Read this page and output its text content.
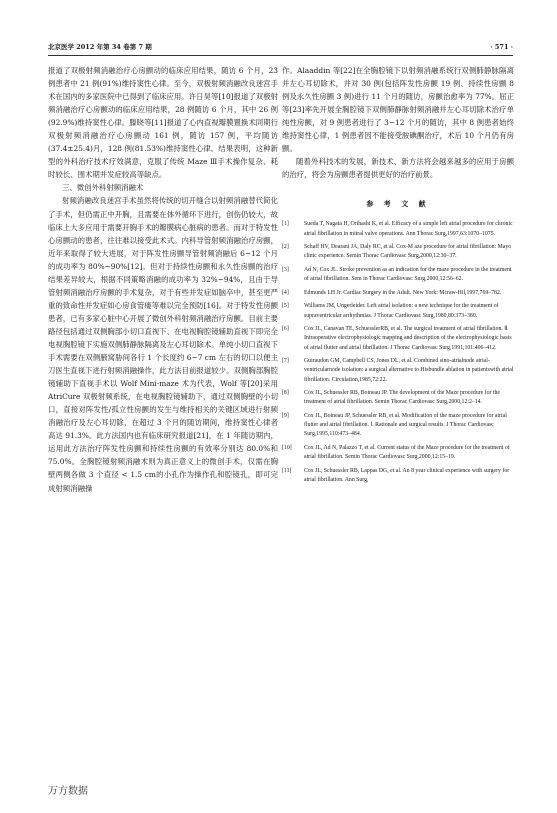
北京医学 2012 年第 34 卷第 7 期	· 571 ·

报道了双极射频消融治疗心房颤动的临床应用结果，随访 6 个月，23 例患者中 21 例(91%)维持窦性心律。至今，双极射频消融改良迷宫手术在国内的多家医院中已得到了临床应用。许日昊等[10]报道了双极射频消融治疗心房颤动的临床应用结果，28 例随访 6 个月，其中 26 例(92.9%)维持窦性心律。滕晓等[11]报道了心内直视瓣膜置换术同期行双极射频消融治疗心房颤动 161 例，随访 157 例，平均随访(37.4±25.4)月，128 例(81.53%)维持窦性心律。结果表明，这种新型的外科治疗技术疗效满意，克服了传统 Maze Ⅲ手术操作复杂、耗时较长、围术期并发症较高等缺点。

三、微创外科射频消融术

射频消融改良迷宫手术虽然将传统的切开缝合以射频消融替代简化了手术，但仍需正中开胸，且需要在体外循环下进行，创伤仍较大，故临床上大多应用于需要开胸手术的瓣膜病心脏病的患者。而对于特发性心房颤动的患者，往往难以接受此术式。内科导管射频消融治疗房颤，近年来取得了较大进展，对于阵发性房颤导管射频消融后 6~12 个月的成功率为 80%~90%[12]。但对于持续性房颤和永久性房颤的治疗结果差异较大，根据不同策略消融的成功率为 32%~94%，且由于导管射频消融治疗房颤的手术复杂，对于有些并发症如脑卒中，甚至更严重的致命性并发症如心房食管瘘等难以完全预防[16]。对于特发性房颤患者，已有多家心脏中心开展了微创外科射频消融治疗房颤。目前主要路径包括通过双侧胸部小切口直视下、在电视胸腔镜辅助直视下即完全电视胸腔镜下实施双侧肺静脉隔离及左心耳切除术。单纯小切口直视下手术需要在双侧腋窝胁间各行 1 个长度约 6~7 cm 左右的切口以便主刀医生直视下进行射频消融操作，此方法目前报道较少。双侧胸部胸腔镜辅助下直视手术以 Wolf Mini-maze 术为代表，Wolf 等[20]采用 AtriCure 双极射频系统，在电视胸腔镜辅助下，通过双侧胸壁的小切口，直接对阵发性/孤立性房颤的发生与维持相关的关键区域进行射频消融治疗及左心耳切除，在超过 3 个月的随访期间，维持窦性心律者高达 91.3%。此方法国内也有临床研究报道[21]，在 1 年随访期内，运用此方法治疗阵发性房颤和持续性房颤的有效率分别达 80.0%和 75.0%。全胸腔镜射频消融术则为真正意义上的微创手术，仅需在胸壁两侧各做 3 个直径 < 1.5 cm的小孔作为操作孔和腔镜孔，即可完成射频消融操

作。Alaaddin 等[22]在全胸腔镜下以射频消融系统行双侧肺静脉隔离并左心耳切除术，并对 30 例(包括阵发性房颤 19 例、持续性房颤 8 例及永久性房颤 3 例)进行 11 个月的随访，房颤治愈率为 77%。屈正等[23]率先开展全胸腔镜下双侧肺静脉射频消融并左心耳切除术治疗单纯性房颤，对 9 例患者进行了 3~12 个月的随访，其中 8 例患者始终维持窦性心律，1 例患者因不能接受胺碘酮治疗，术后 10 个月仍有房颤。

随着外科技术的发展，新技术、新方法将会越来越多的应用于房颤的治疗，将会为房颤患者提供更好的治疗前景。

参 考 文 献
[1]	Sueda T, Nagata H, Orihashi K, et al. Efficacy of a simple left atrial procedure for chronic atrial fibrillation in mitral valve operations. Ann Thorac Surg,1997,63:1070–1075.
[2]	Schaff HV, Dearani JA, Daly RC, et al. Cox-M aze procedure for atrial fibrillation: Mayo clinic experience. Semin Thorac Cardiovasc Surg,2000,12:30–37.
[3]	Ad N, Cox JL. Stroke prevention as an indication for the maze procedure in the treatment of atrial fibrillation. Sem in Thorac Cardiovasc Surg,2000,12:56–62.
[4]	Edmunds LH Jr. Cardiac Surgery in the Adult. New York: Mcraw-Hil,1997,769–782.
[5]	Williams JM, Ungerleider. Left atrial isolation: a new technique for the treatment of supraventricular arrhythmias. J Thorac Cardiovasc Surg,1980,80:373–380.
[6]	Cox JL, Canavan TE, SchuesslerRB, et al. The surgical treatment of atrial fibrillation. Ⅱ. Intraoperative electrophysiologic mapping and description of the electrophysiologic basis of atrial flutter and atrial fibrillation. J Thorac Cardiovasc Surg,1991,101:406–412.
[7]	Guiraudon GM, Campbell CS, Jones DL, et al. Combined sino-atrialnode atrial-ventricularnode isolation: a surgical alternative to Hisbundle ablation in patientswith atrial fibrillation. Circulation,1985,72:22.
[8]	Cox JL, Schuessler RB, Boineau JP. The development of the Maze procedure for the treatment of atrial fibrillation. Semin Thorac Cardiovasc Surg,2000,12:2–14.
[9]	Cox JL, Boineau JP, Schuessler RB, et al. Modification of the maze procedure for atrial flutter and atrial fibrillation. Ⅰ. Rationale and surgical results. J Thorac Cardiovasc Surg,1995,110:473–484.
[10] Cox JL, Ad N, Palazzo T, et al. Current status of the Maze procedure for the treatment of atrial fibrillation. Semin Thorac Cardiovasc Surg,2000,12:15–19.
[11] Cox JL, Schuessler RB, Lappas DG, et al. An 8 year clinical experience with surgery for atrial fibrillation. Ann Surg,
万方数据
